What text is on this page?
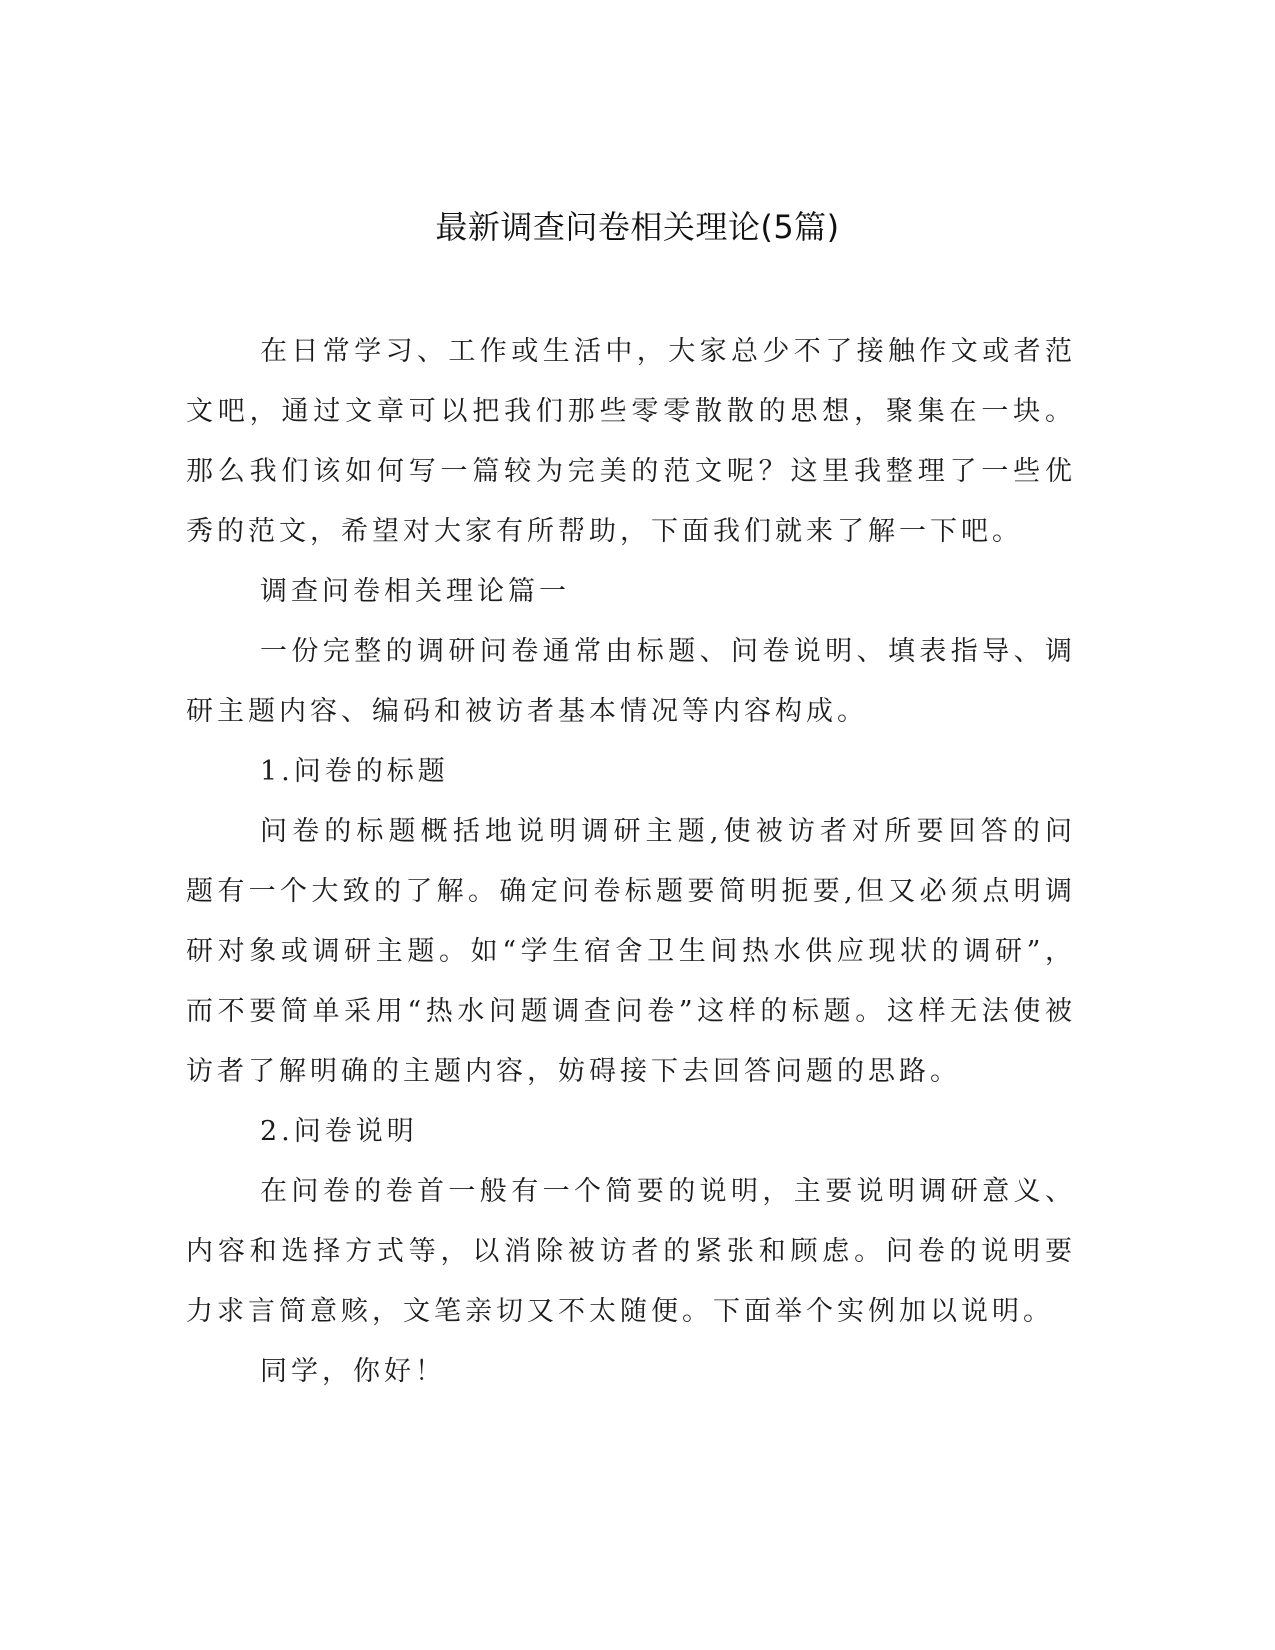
最新调查问卷相关理论(5篇)

在日常学习、工作或生活中，大家总少不了接触作文或者范文吧，通过文章可以把我们那些零零散散的思想，聚集在一块。那么我们该如何写一篇较为完美的范文呢？这里我整理了一些优秀的范文，希望对大家有所帮助，下面我们就来了解一下吧。

调查问卷相关理论篇一

一份完整的调研问卷通常由标题、问卷说明、填表指导、调研主题内容、编码和被访者基本情况等内容构成。

1.问卷的标题

问卷的标题概括地说明调研主题,使被访者对所要回答的问题有一个大致的了解。确定问卷标题要简明扼要,但又必须点明调研对象或调研主题。如“学生宿舍卫生间热水供应现状的调研”，而不要简单采用“热水问题调查问卷”这样的标题。这样无法使被访者了解明确的主题内容，妨碍接下去回答问题的思路。

2.问卷说明

在问卷的卷首一般有一个简要的说明，主要说明调研意义、内容和选择方式等，以消除被访者的紧张和顾虑。问卷的说明要力求言简意赅，文笔亲切又不太随便。下面举个实例加以说明。

同学，你好！
